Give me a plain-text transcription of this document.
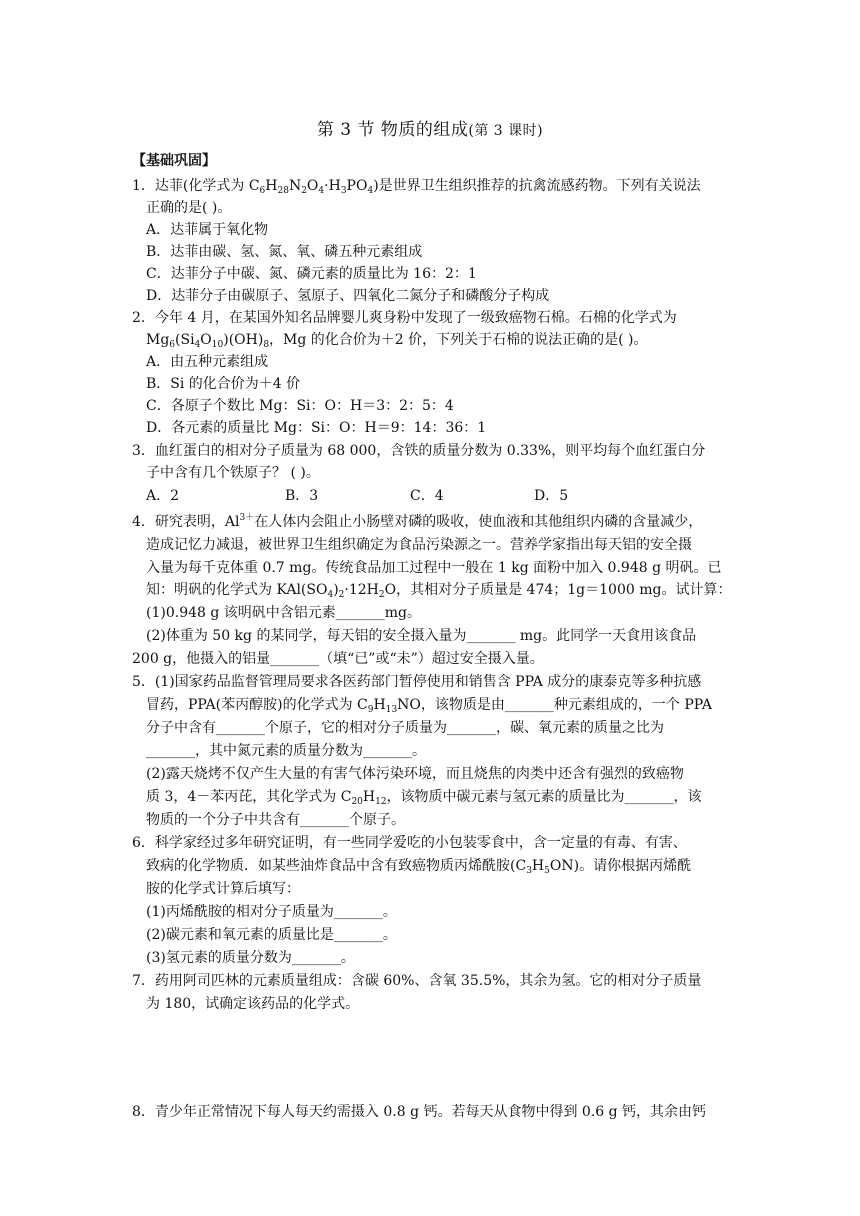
第 3 节 物质的组成(第 3 课时)
【基础巩固】
1．达菲(化学式为 $C_6H_{28}N_2O_4\cdot H_3PO_4$)是世界卫生组织推荐的抗禽流感药物。下列有关说法
正确的是( )。
A．达菲属于氧化物
B．达菲由碳、氢、氮、氧、磷五种元素组成
C．达菲分子中碳、氮、磷元素的质量比为 16：2：1
D．达菲分子由碳原子、氢原子、四氧化二氮分子和磷酸分子构成
2．今年 4 月，在某国外知名品牌婴儿爽身粉中发现了一级致癌物石棉。石棉的化学式为
$Mg_6(Si_4O_{10})(OH)_8$，Mg 的化合价为＋2 价，下列关于石棉的说法正确的是( )。
A．由五种元素组成
B．Si 的化合价为＋4 价
C．各原子个数比 Mg：Si：O：H＝3：2：5：4
D．各元素的质量比 Mg：Si：O：H＝9：14：36：1
3．血红蛋白的相对分子质量为 68 000，含铁的质量分数为 0.33%，则平均每个血红蛋白分
子中含有几个铁原子？ ( )。
A．2	B．3	C．4	D．5
4．研究表明，$Al^{3+}$在人体内会阻止小肠壁对磷的吸收，使血液和其他组织内磷的含量减少，
造成记忆力减退，被世界卫生组织确定为食品污染源之一。营养学家指出每天铝的安全摄
入量为每千克体重 0.7 mg。传统食品加工过程中一般在 1 kg 面粉中加入 0.948 g 明矾。已
知：明矾的化学式为 $KAl(SO_4)_2\cdot 12H_2O$，其相对分子质量是 474；1g＝1000 mg。试计算：
(1)0.948 g 该明矾中含铝元素_______mg。
(2)体重为 50 kg 的某同学，每天铝的安全摄入量为_______ mg。此同学一天食用该食品
200 g，他摄入的铝量_______（填“已”或“未”）超过安全摄入量。
5．(1)国家药品监督管理局要求各医药部门暂停使用和销售含 PPA 成分的康泰克等多种抗感
冒药，PPA(苯丙醇胺)的化学式为 $C_9H_{13}NO$，该物质是由_______种元素组成的，一个 PPA
分子中含有_______个原子，它的相对分子质量为_______，碳、氧元素的质量之比为
_______，其中氮元素的质量分数为_______。
(2)露天烧烤不仅产生大量的有害气体污染环境，而且烧焦的肉类中还含有强烈的致癌物
质 3，4－苯丙芘，其化学式为 $C_{20}H_{12}$，该物质中碳元素与氢元素的质量比为_______，该
物质的一个分子中共含有_______个原子。
6．科学家经过多年研究证明，有一些同学爱吃的小包装零食中，含一定量的有毒、有害、
致病的化学物质．如某些油炸食品中含有致癌物质丙烯酰胺$(C_3H_5ON)$。请你根据丙烯酰
胺的化学式计算后填写：
(1)丙烯酰胺的相对分子质量为_______。
(2)碳元素和氧元素的质量比是_______。
(3)氢元素的质量分数为_______。
7．药用阿司匹林的元素质量组成：含碳 60%、含氧 35.5%，其余为氢。它的相对分子质量
为 180，试确定该药品的化学式。
8．青少年正常情况下每人每天约需摄入 0.8 g 钙。若每天从食物中得到 0.6 g 钙，其余由钙
